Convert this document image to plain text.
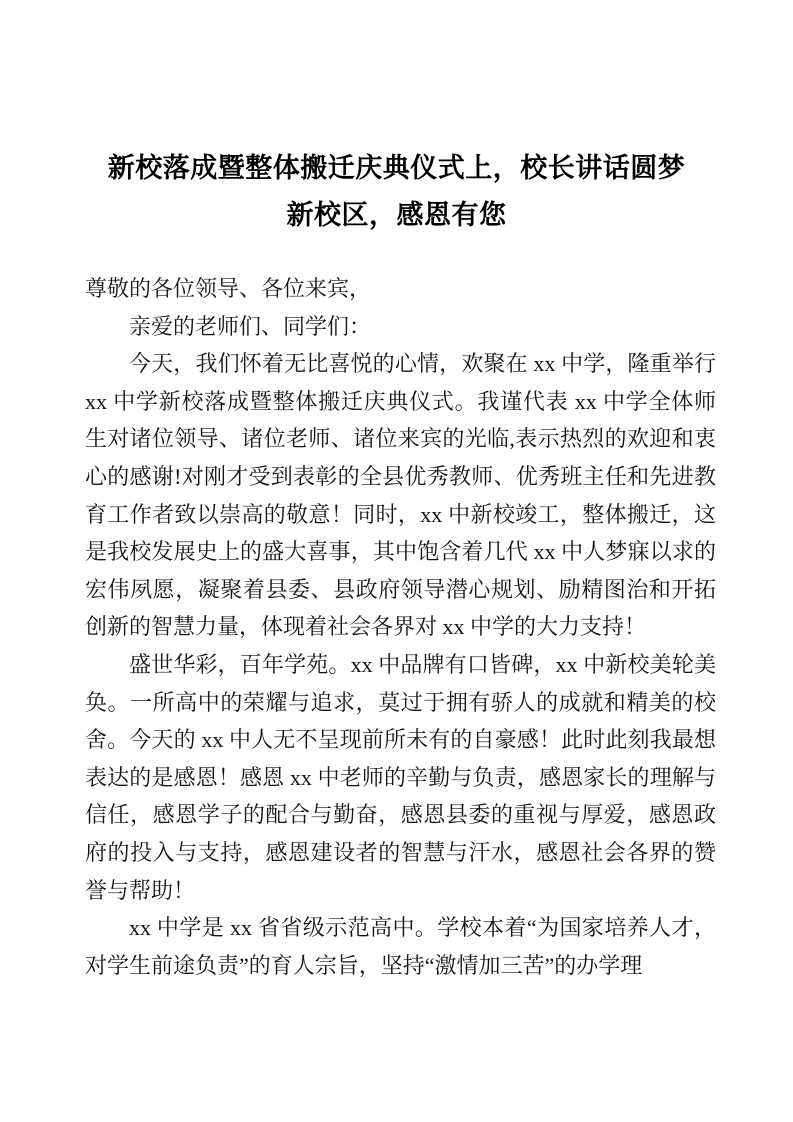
新校落成暨整体搬迁庆典仪式上，校长讲话圆梦新校区，感恩有您

尊敬的各位领导、各位来宾，

亲爱的老师们、同学们：

今天，我们怀着无比喜悦的心情，欢聚在 xx 中学，隆重举行 xx 中学新校落成暨整体搬迁庆典仪式。我谨代表 xx 中学全体师生对诸位领导、诸位老师、诸位来宾的光临,表示热烈的欢迎和衷心的感谢!对刚才受到表彰的全县优秀教师、优秀班主任和先进教育工作者致以崇高的敬意！同时，xx 中新校竣工，整体搬迁，这是我校发展史上的盛大喜事，其中饱含着几代 xx 中人梦寐以求的宏伟夙愿，凝聚着县委、县政府领导潜心规划、励精图治和开拓创新的智慧力量，体现着社会各界对 xx 中学的大力支持！

盛世华彩，百年学苑。xx 中品牌有口皆碑，xx 中新校美轮美奂。一所高中的荣耀与追求，莫过于拥有骄人的成就和精美的校舍。今天的 xx 中人无不呈现前所未有的自豪感！此时此刻我最想表达的是感恩！感恩 xx 中老师的辛勤与负责，感恩家长的理解与信任，感恩学子的配合与勤奋，感恩县委的重视与厚爱，感恩政府的投入与支持，感恩建设者的智慧与汗水，感恩社会各界的赞誉与帮助！

xx 中学是 xx 省省级示范高中。学校本着“为国家培养人才，对学生前途负责”的育人宗旨，坚持“激情加三苦”的办学理
